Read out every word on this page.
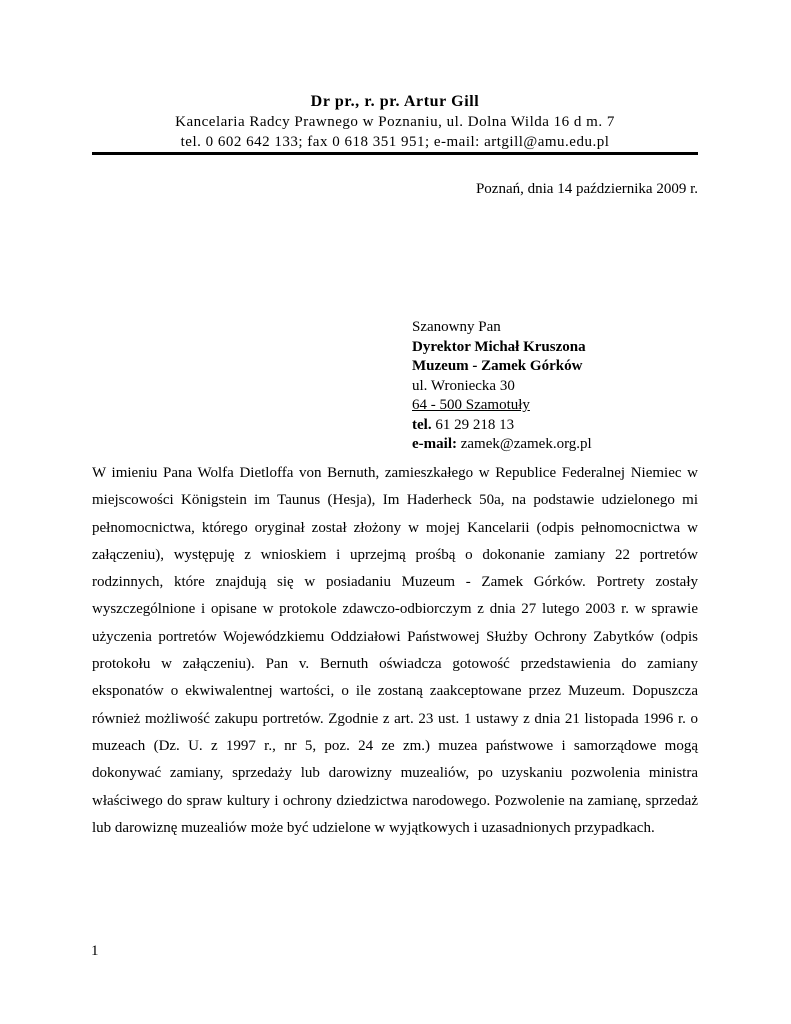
Dr pr., r. pr. Artur Gill
Kancelaria Radcy Prawnego w Poznaniu, ul. Dolna Wilda 16 d m. 7
tel. 0 602 642 133; fax 0 618 351 951; e-mail: artgill@amu.edu.pl
Poznań, dnia 14 października 2009 r.
Szanowny Pan
Dyrektor Michał Kruszona
Muzeum - Zamek Górków
ul. Wroniecka 30
64 - 500 Szamotuły
tel. 61 29 218 13
e-mail: zamek@zamek.org.pl

W imieniu Pana Wolfa Dietloffa von Bernuth, zamieszkałego w Republice Federalnej Niemiec w miejscowości Königstein im Taunus (Hesja), Im Haderheck 50a, na podstawie udzielonego mi pełnomocnictwa, którego oryginał został złożony w mojej Kancelarii (odpis pełnomocnictwa w załączeniu), występuję z wnioskiem i uprzejmą prośbą o dokonanie zamiany 22 portretów rodzinnych, które znajdują się w posiadaniu Muzeum - Zamek Górków. Portrety zostały wyszczególnione i opisane w protokole zdawczo-odbiorczym z dnia 27 lutego 2003 r. w sprawie użyczenia portretów Wojewódzkiemu Oddziałowi Państwowej Służby Ochrony Zabytków (odpis protokołu w załączeniu). Pan v. Bernuth oświadcza gotowość przedstawienia do zamiany eksponatów o ekwiwalentnej wartości, o ile zostaną zaakceptowane przez Muzeum. Dopuszcza również możliwość zakupu portretów. Zgodnie z art. 23 ust. 1 ustawy z dnia 21 listopada 1996 r. o muzeach (Dz. U. z 1997 r., nr 5, poz. 24 ze zm.) muzea państwowe i samorządowe mogą dokonywać zamiany, sprzedaży lub darowizny muzealiów, po uzyskaniu pozwolenia ministra właściwego do spraw kultury i ochrony dziedzictwa narodowego. Pozwolenie na zamianę, sprzedaż lub darowiznę muzealiów może być udzielone w wyjątkowych i uzasadnionych przypadkach.

1
